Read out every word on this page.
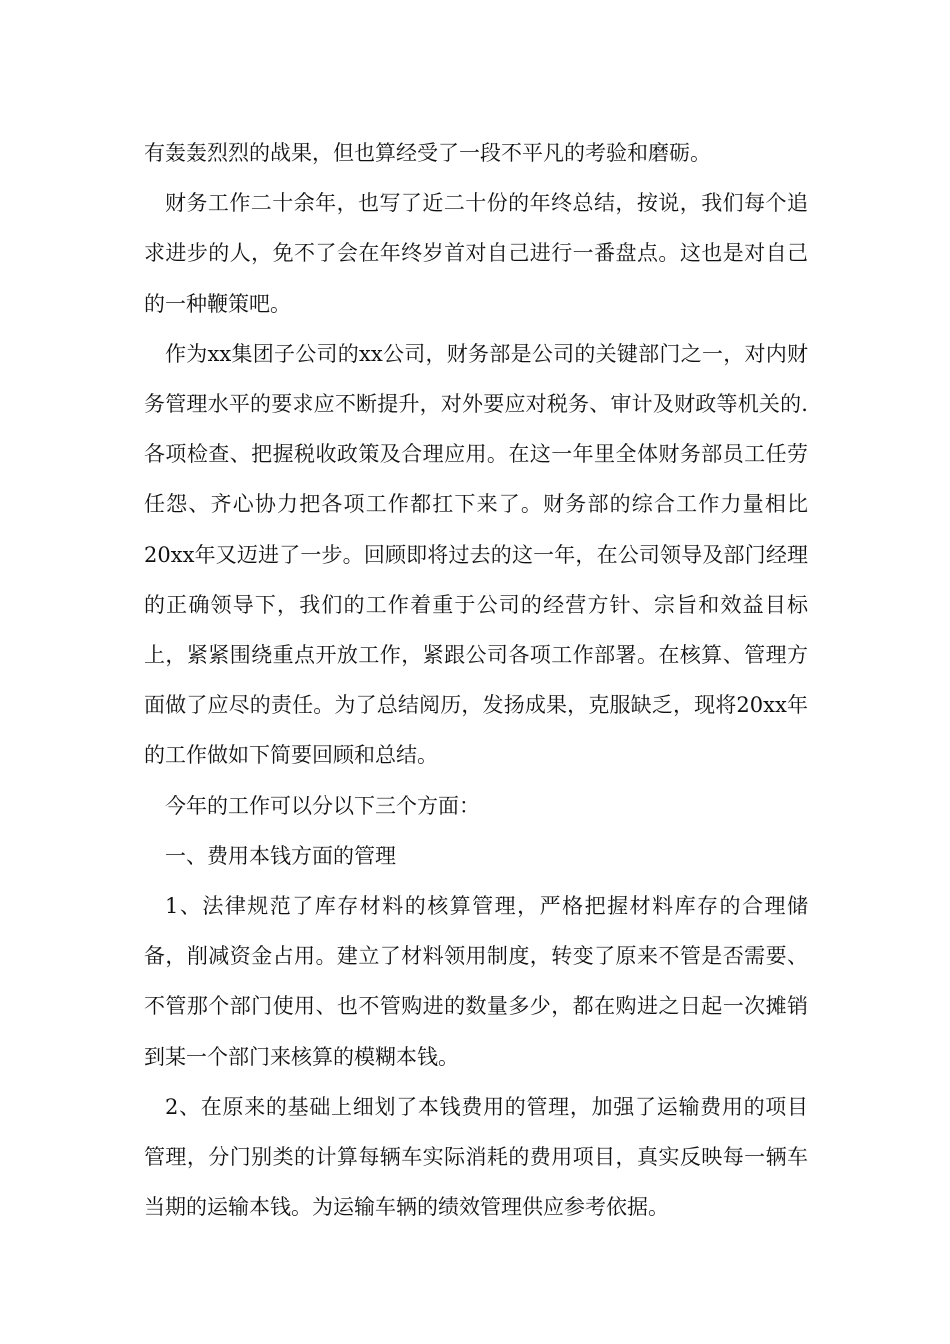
有轰轰烈烈的战果，但也算经受了一段不平凡的考验和磨砺。

财务工作二十余年，也写了近二十份的年终总结，按说，我们每个追求进步的人，免不了会在年终岁首对自己进行一番盘点。这也是对自己的一种鞭策吧。

作为xx集团子公司的xx公司，财务部是公司的关键部门之一，对内财务管理水平的要求应不断提升，对外要应对税务、审计及财政等机关的.各项检查、把握税收政策及合理应用。在这一年里全体财务部员工任劳任怨、齐心协力把各项工作都扛下来了。财务部的综合工作力量相比20xx年又迈进了一步。回顾即将过去的这一年，在公司领导及部门经理的正确领导下，我们的工作着重于公司的经营方针、宗旨和效益目标上，紧紧围绕重点开放工作，紧跟公司各项工作部署。在核算、管理方面做了应尽的责任。为了总结阅历，发扬成果，克服缺乏，现将20xx年的工作做如下简要回顾和总结。

今年的工作可以分以下三个方面：

一、费用本钱方面的管理

1、法律规范了库存材料的核算管理，严格把握材料库存的合理储备，削减资金占用。建立了材料领用制度，转变了原来不管是否需要、不管那个部门使用、也不管购进的数量多少，都在购进之日起一次摊销到某一个部门来核算的模糊本钱。

2、在原来的基础上细划了本钱费用的管理，加强了运输费用的项目管理，分门别类的计算每辆车实际消耗的费用项目，真实反映每一辆车当期的运输本钱。为运输车辆的绩效管理供应参考依据。
